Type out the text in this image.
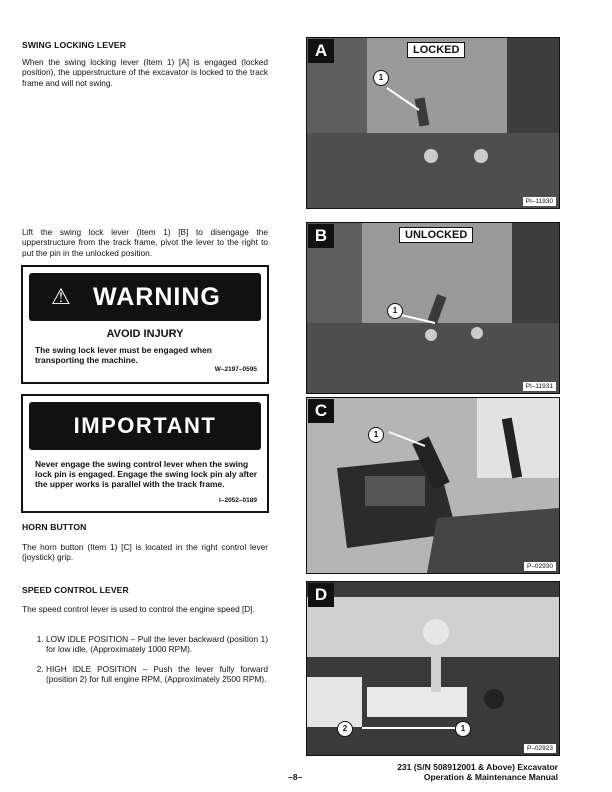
SWING LOCKING LEVER
When the swing locking lever (Item 1) [A] is engaged (locked position), the upperstructure of the excavator is locked to the track frame and will not swing.
Lift the swing lock lever (Item 1) [B] to disengage the upperstructure from the track frame, pivot the lever to the right to put the pin in the unlocked position.
⚠ WARNING
AVOID INJURY
The swing lock lever must be engaged when transporting the machine.
W–2197–0595
IMPORTANT
Never engage the swing control lever when the swing lock pin is engaged. Engage the swing lock pin aly after the upper works is parallel with the track frame.
I–2052–0189
HORN BUTTON
The horn button (Item 1) [C] is located in the right control lever (joystick) grip.
SPEED CONTROL LEVER
The speed control lever is used to control the engine speed [D].
1. LOW IDLE POSITION – Pull the lever backward (position 1) for low idle, (Approximately 1000 RPM).
2. HIGH IDLE POSITION – Push the lever fully forward (position 2) for full engine RPM, (Approximately 2500 RPM).
A	LOCKED
1
PI–11930
B	UNLOCKED
1
PI–11931
C
1
P–02930
D
2	1
P–02923
–8–
231 (S/N 508912001 & Above) Excavator
Operation & Maintenance Manual
